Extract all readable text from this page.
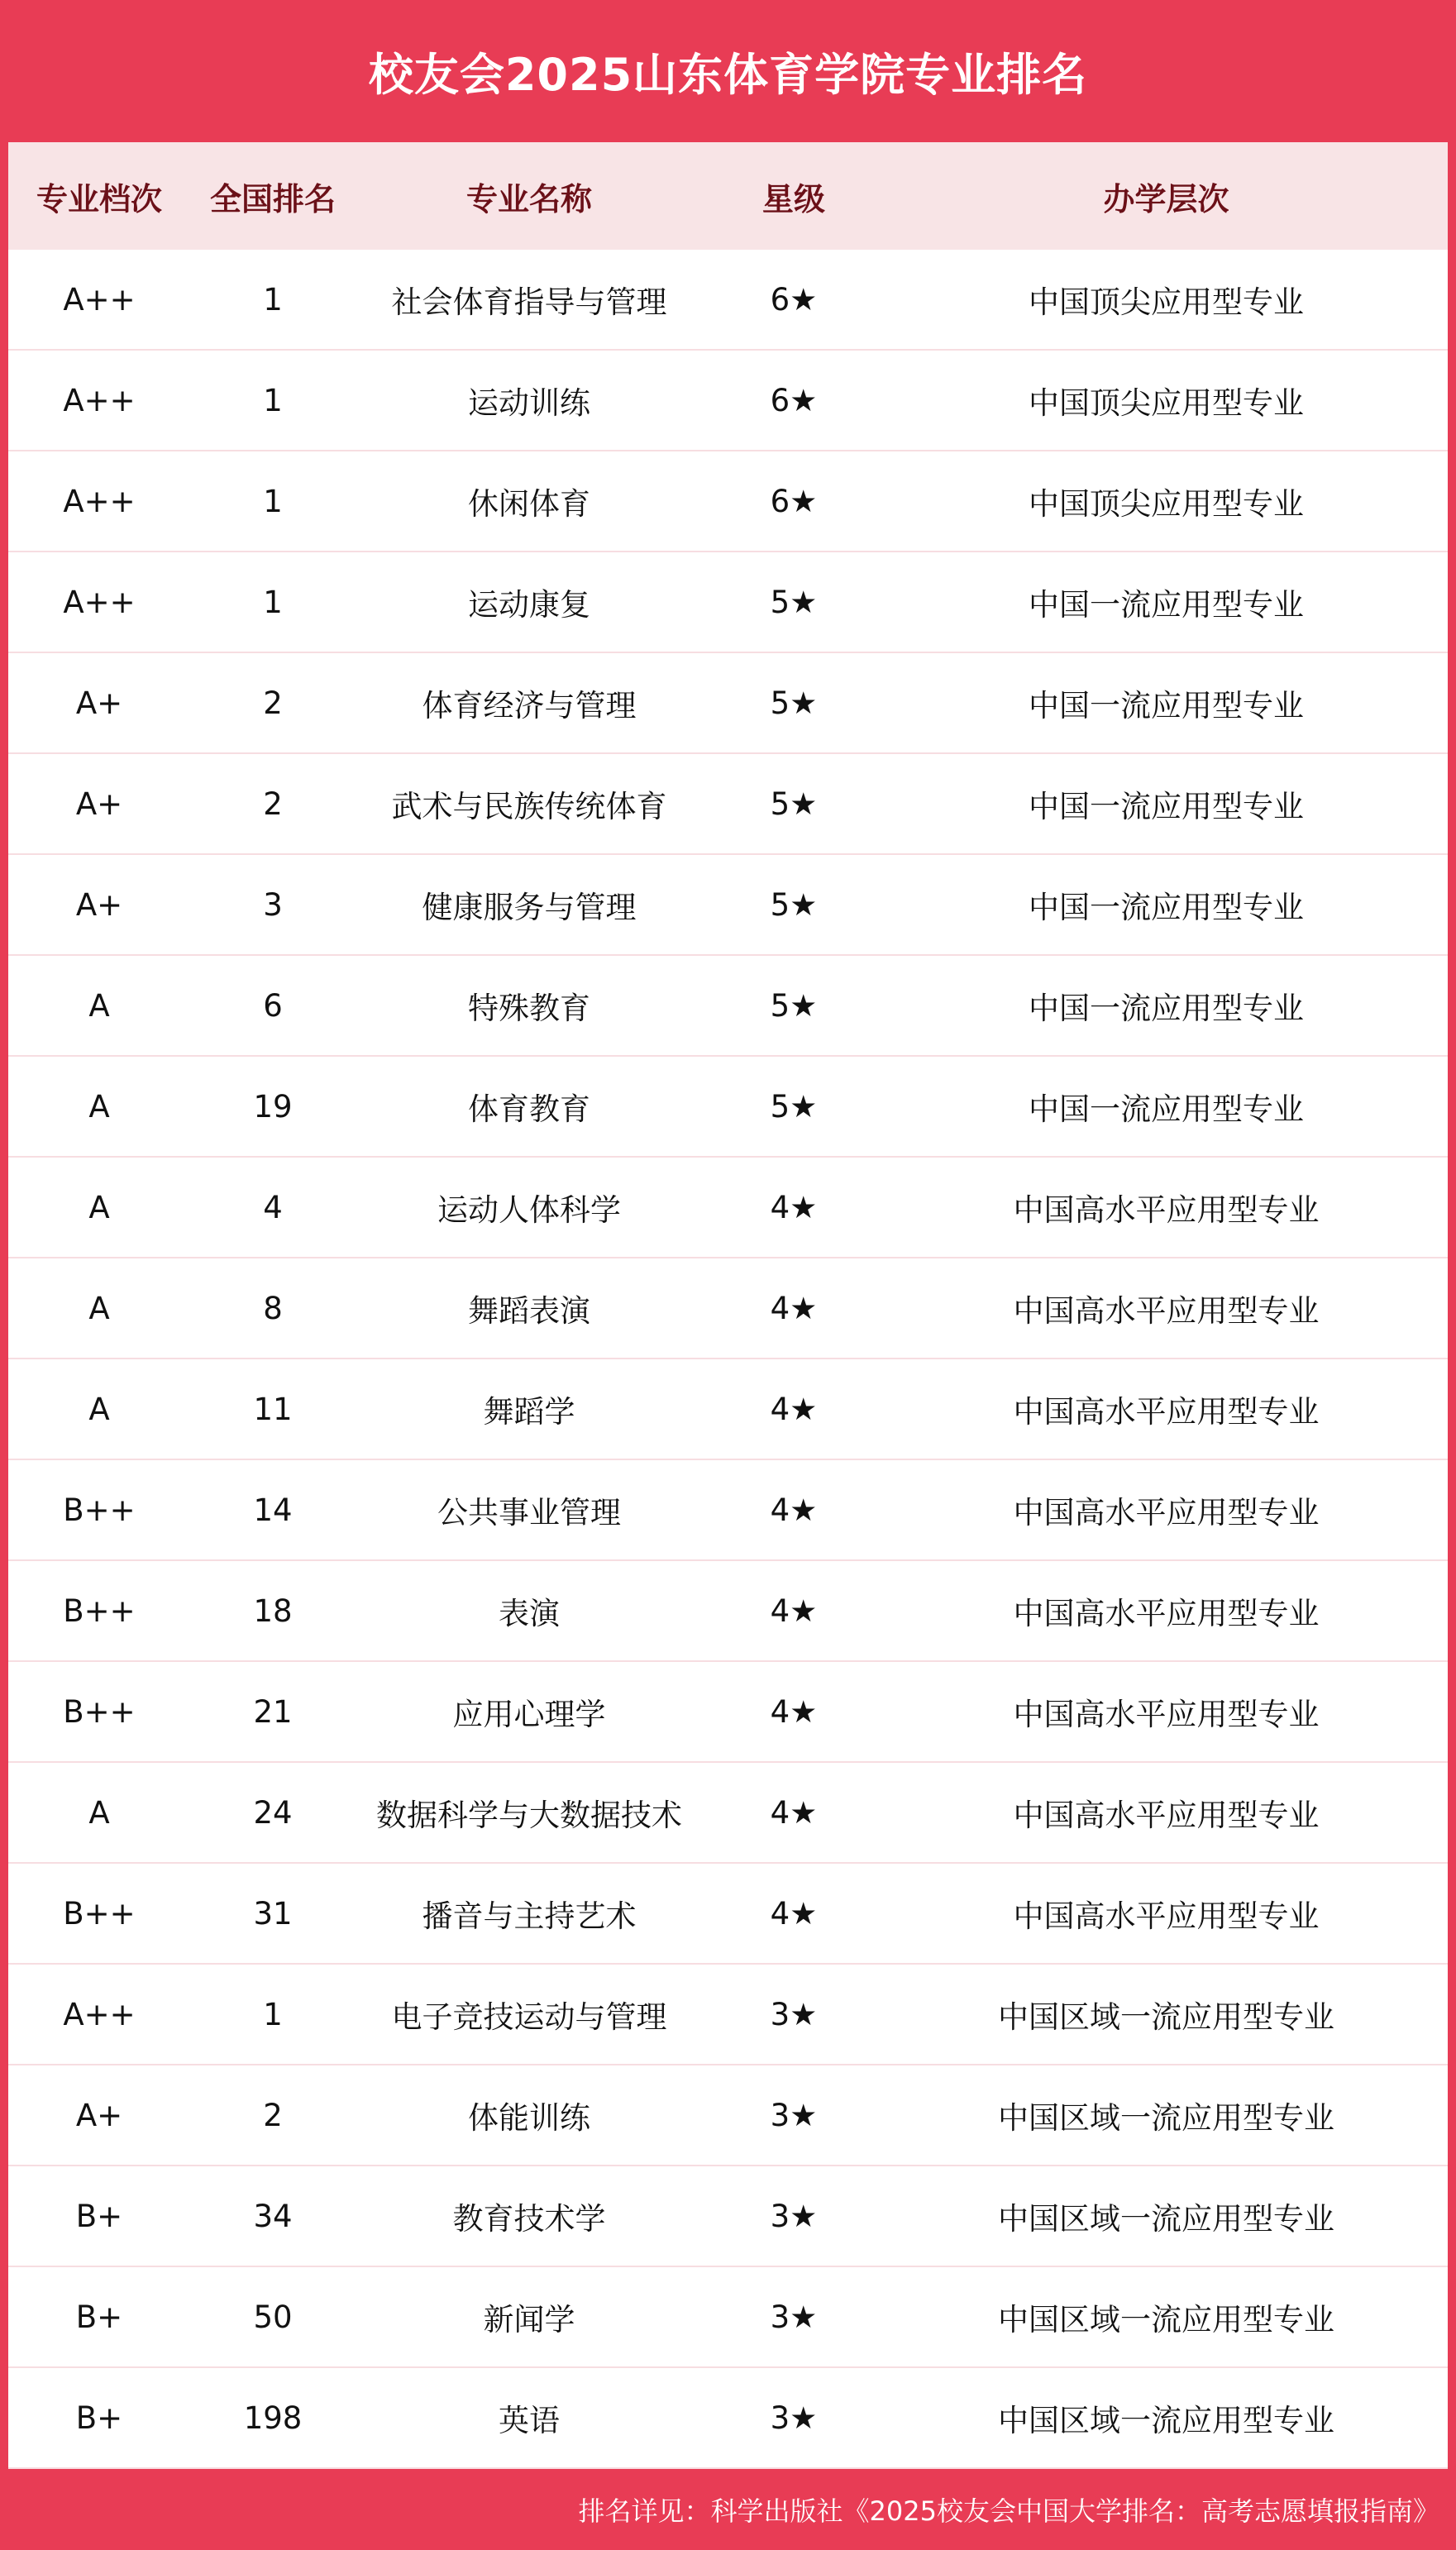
校友会2025山东体育学院专业排名
专业档次	全国排名	专业名称	星级	办学层次
A++	1	社会体育指导与管理	6★	中国顶尖应用型专业
A++	1	运动训练	6★	中国顶尖应用型专业
A++	1	休闲体育	6★	中国顶尖应用型专业
A++	1	运动康复	5★	中国一流应用型专业
A+	2	体育经济与管理	5★	中国一流应用型专业
A+	2	武术与民族传统体育	5★	中国一流应用型专业
A+	3	健康服务与管理	5★	中国一流应用型专业
A	6	特殊教育	5★	中国一流应用型专业
A	19	体育教育	5★	中国一流应用型专业
A	4	运动人体科学	4★	中国高水平应用型专业
A	8	舞蹈表演	4★	中国高水平应用型专业
A	11	舞蹈学	4★	中国高水平应用型专业
B++	14	公共事业管理	4★	中国高水平应用型专业
B++	18	表演	4★	中国高水平应用型专业
B++	21	应用心理学	4★	中国高水平应用型专业
A	24	数据科学与大数据技术	4★	中国高水平应用型专业
B++	31	播音与主持艺术	4★	中国高水平应用型专业
A++	1	电子竞技运动与管理	3★	中国区域一流应用型专业
A+	2	体能训练	3★	中国区域一流应用型专业
B+	34	教育技术学	3★	中国区域一流应用型专业
B+	50	新闻学	3★	中国区域一流应用型专业
B+	198	英语	3★	中国区域一流应用型专业
排名详见：科学出版社《2025校友会中国大学排名：高考志愿填报指南》
